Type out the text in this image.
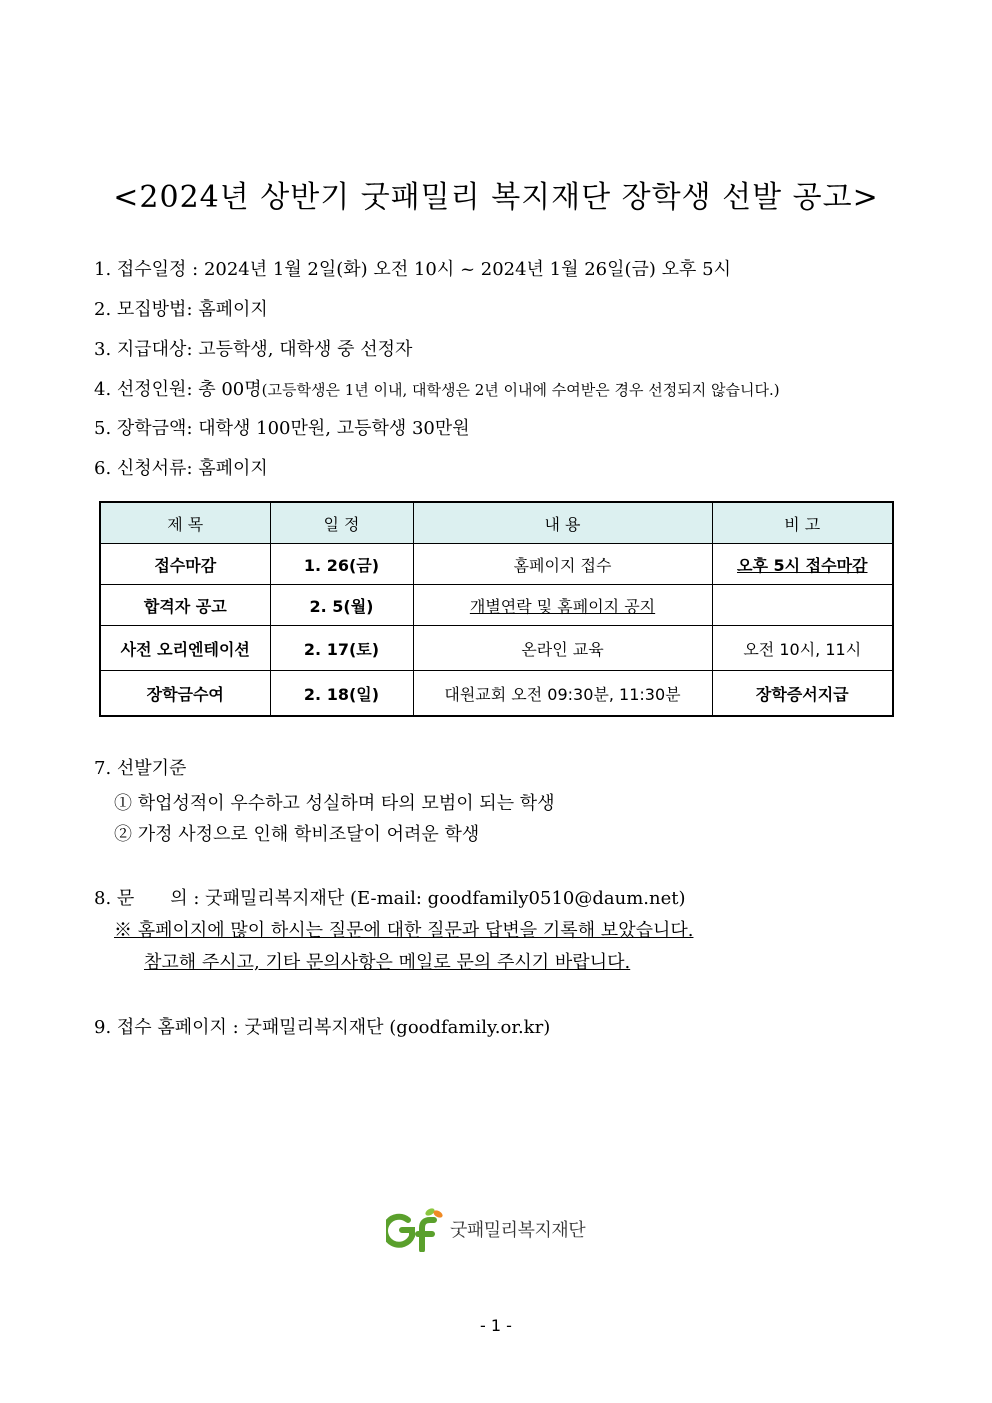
<2024년 상반기 굿패밀리 복지재단 장학생 선발 공고>
1. 접수일정 : 2024년 1월 2일(화) 오전 10시 ~ 2024년 1월 26일(금) 오후 5시
2. 모집방법: 홈페이지
3. 지급대상: 고등학생, 대학생 중 선정자
4. 선정인원: 총 00명(고등학생은 1년 이내, 대학생은 2년 이내에 수여받은 경우 선정되지 않습니다.)
5. 장학금액: 대학생 100만원, 고등학생 30만원
6. 신청서류: 홈페이지
제 목	일 정	내 용	비 고
접수마감	1. 26(금)	홈페이지 접수	오후 5시 접수마감
합격자 공고	2. 5(월)	개별연락 및 홈페이지 공지	
사전 오리엔테이션	2. 17(토)	온라인 교육	오전 10시, 11시
장학금수여	2. 18(일)	대원교회 오전 09:30분, 11:30분	장학증서지급
7. 선발기준
① 학업성적이 우수하고 성실하며 타의 모범이 되는 학생
② 가정 사정으로 인해 학비조달이 어려운 학생
8. 문　　의 : 굿패밀리복지재단 (E-mail: goodfamily0510@daum.net)
※ 홈페이지에 많이 하시는 질문에 대한 질문과 답변을 기록해 보았습니다.
참고해 주시고, 기타 문의사항은 메일로 문의 주시기 바랍니다.
9. 접수 홈페이지 : 굿패밀리복지재단 (goodfamily.or.kr)
굿패밀리복지재단
- 1 -
